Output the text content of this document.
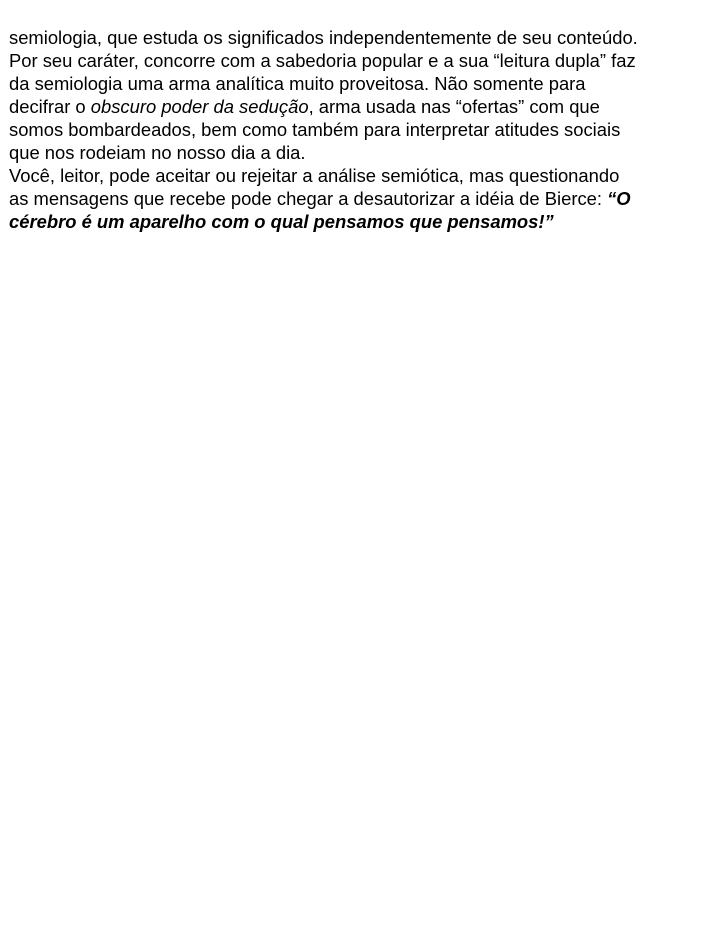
semiologia, que estuda os significados independentemente de seu conteúdo.
Por seu caráter, concorre com a sabedoria popular e a sua “leitura dupla” faz
da semiologia uma arma analítica muito proveitosa. Não somente para
decifrar o obscuro poder da sedução, arma usada nas “ofertas” com que
somos bombardeados, bem como também para interpretar atitudes sociais
que nos rodeiam no nosso dia a dia.
Você, leitor, pode aceitar ou rejeitar a análise semiótica, mas questionando
as mensagens que recebe pode chegar a desautorizar a idéia de Bierce: “O
cérebro é um aparelho com o qual pensamos que pensamos!”
